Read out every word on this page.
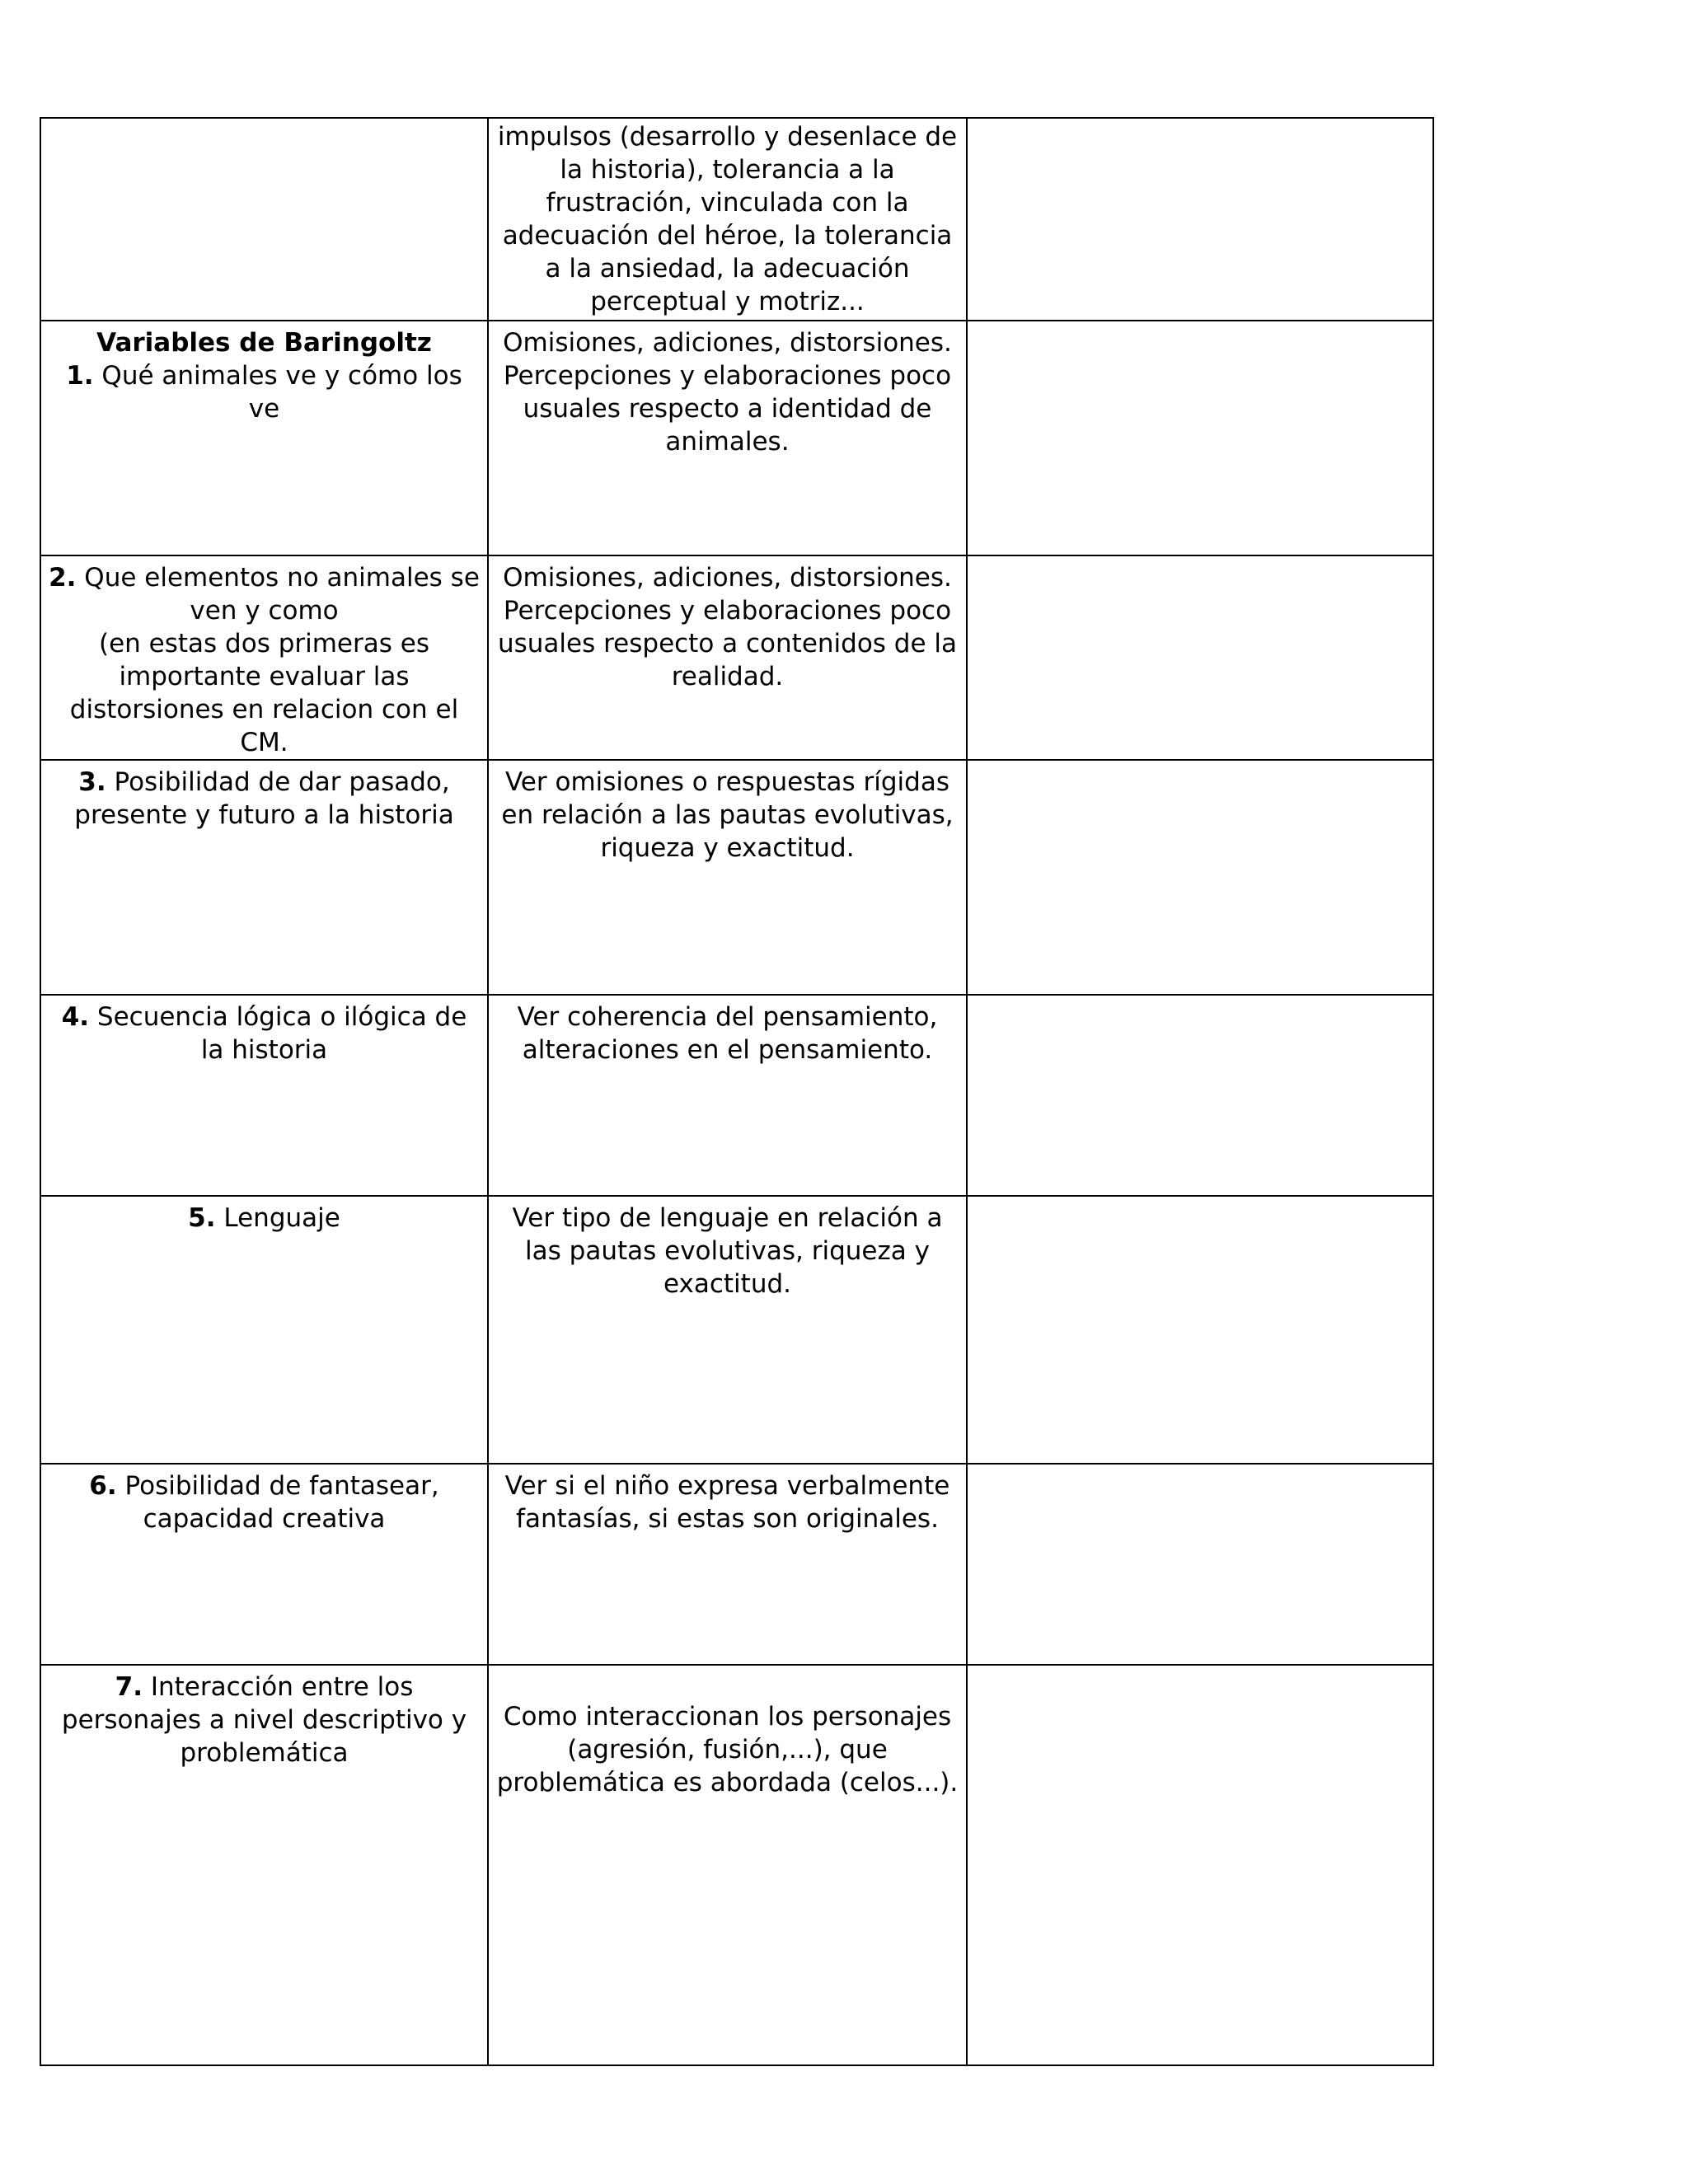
	impulsos (desarrollo y desenlace de la historia), tolerancia a la frustración, vinculada con la adecuación del héroe, la tolerancia a la ansiedad, la adecuación perceptual y motriz...	

Variables de Baringoltz
1. Qué animales ve y cómo los ve	Omisiones, adiciones, distorsiones. Percepciones y elaboraciones poco usuales respecto a identidad de animales.	
2. Que elementos no animales se ven y como
(en estas dos primeras es importante evaluar las distorsiones en relacion con el CM.	Omisiones, adiciones, distorsiones. Percepciones y elaboraciones poco usuales respecto a contenidos de la realidad.	
3. Posibilidad de dar pasado, presente y futuro a la historia	Ver omisiones o respuestas rígidas en relación a las pautas evolutivas, riqueza y exactitud.	
4. Secuencia lógica o ilógica de la historia	Ver coherencia del pensamiento, alteraciones en el pensamiento.	
5. Lenguaje	Ver tipo de lenguaje en relación a las pautas evolutivas, riqueza y exactitud.	
6. Posibilidad de fantasear, capacidad creativa	Ver si el niño expresa verbalmente fantasías, si estas son originales.	
7. Interacción entre los personajes a nivel descriptivo y problemática	Como interaccionan los personajes (agresión, fusión,...), que problemática es abordada (celos...).	
